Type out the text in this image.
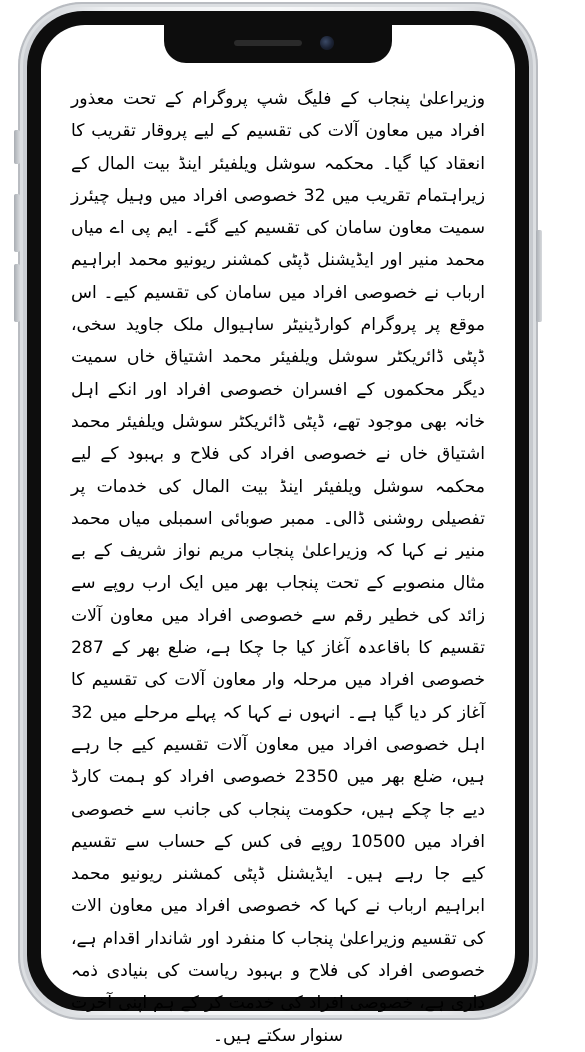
وزیراعلیٰ پنجاب کے فلیگ شپ پروگرام کے تحت معذور افراد میں معاون آلات کی تقسیم کے لیے پروقار تقریب کا انعقاد کیا گیا۔ محکمہ سوشل ویلفیئر اینڈ بیت المال کے زیراہتمام تقریب میں 32 خصوصی افراد میں وہیل چیئرز سمیت معاون سامان کی تقسیم کیے گئے۔ ایم پی اے میاں محمد منیر اور ایڈیشنل ڈپٹی کمشنر ریونیو محمد ابراہیم ارباب نے خصوصی افراد میں سامان کی تقسیم کیے۔ اس موقع پر پروگرام کوارڈینیٹر ساہیوال ملک جاوید سخی، ڈپٹی ڈائریکٹر سوشل ویلفیئر محمد اشتیاق خاں سمیت دیگر محکموں کے افسران خصوصی افراد اور انکے اہل خانہ بھی موجود تھے، ڈپٹی ڈائریکٹر سوشل ویلفیئر محمد اشتیاق خاں نے خصوصی افراد کی فلاح و بہبود کے لیے محکمہ سوشل ویلفیئر اینڈ بیت المال کی خدمات پر تفصیلی روشنی ڈالی۔ ممبر صوبائی اسمبلی میاں محمد منیر نے کہا کہ وزیراعلیٰ پنجاب مریم نواز شریف کے بے مثال منصوبے کے تحت پنجاب بھر میں ایک ارب روپے سے زائد کی خطیر رقم سے خصوصی افراد میں معاون آلات تقسیم کا باقاعدہ آغاز کیا جا چکا ہے، ضلع بھر کے 287 خصوصی افراد میں مرحلہ وار معاون آلات کی تقسیم کا آغاز کر دیا گیا ہے۔ انہوں نے کہا کہ پہلے مرحلے میں 32 اہل خصوصی افراد میں معاون آلات تقسیم کیے جا رہے ہیں، ضلع بھر میں 2350 خصوصی افراد کو ہمت کارڈ دیے جا چکے ہیں، حکومت پنجاب کی جانب سے خصوصی افراد میں 10500 روپے فی کس کے حساب سے تقسیم کیے جا رہے ہیں۔ ایڈیشنل ڈپٹی کمشنر ریونیو محمد ابراہیم ارباب نے کہا کہ خصوصی افراد میں معاون الات کی تقسیم وزیراعلیٰ پنجاب کا منفرد اور شاندار اقدام ہے، خصوصی افراد کی فلاح و بہبود ریاست کی بنیادی ذمہ داری ہے، خصوصی افراد کی خدمت کر کے ہم اپنی آخرت سنوار سکتے ہیں۔
